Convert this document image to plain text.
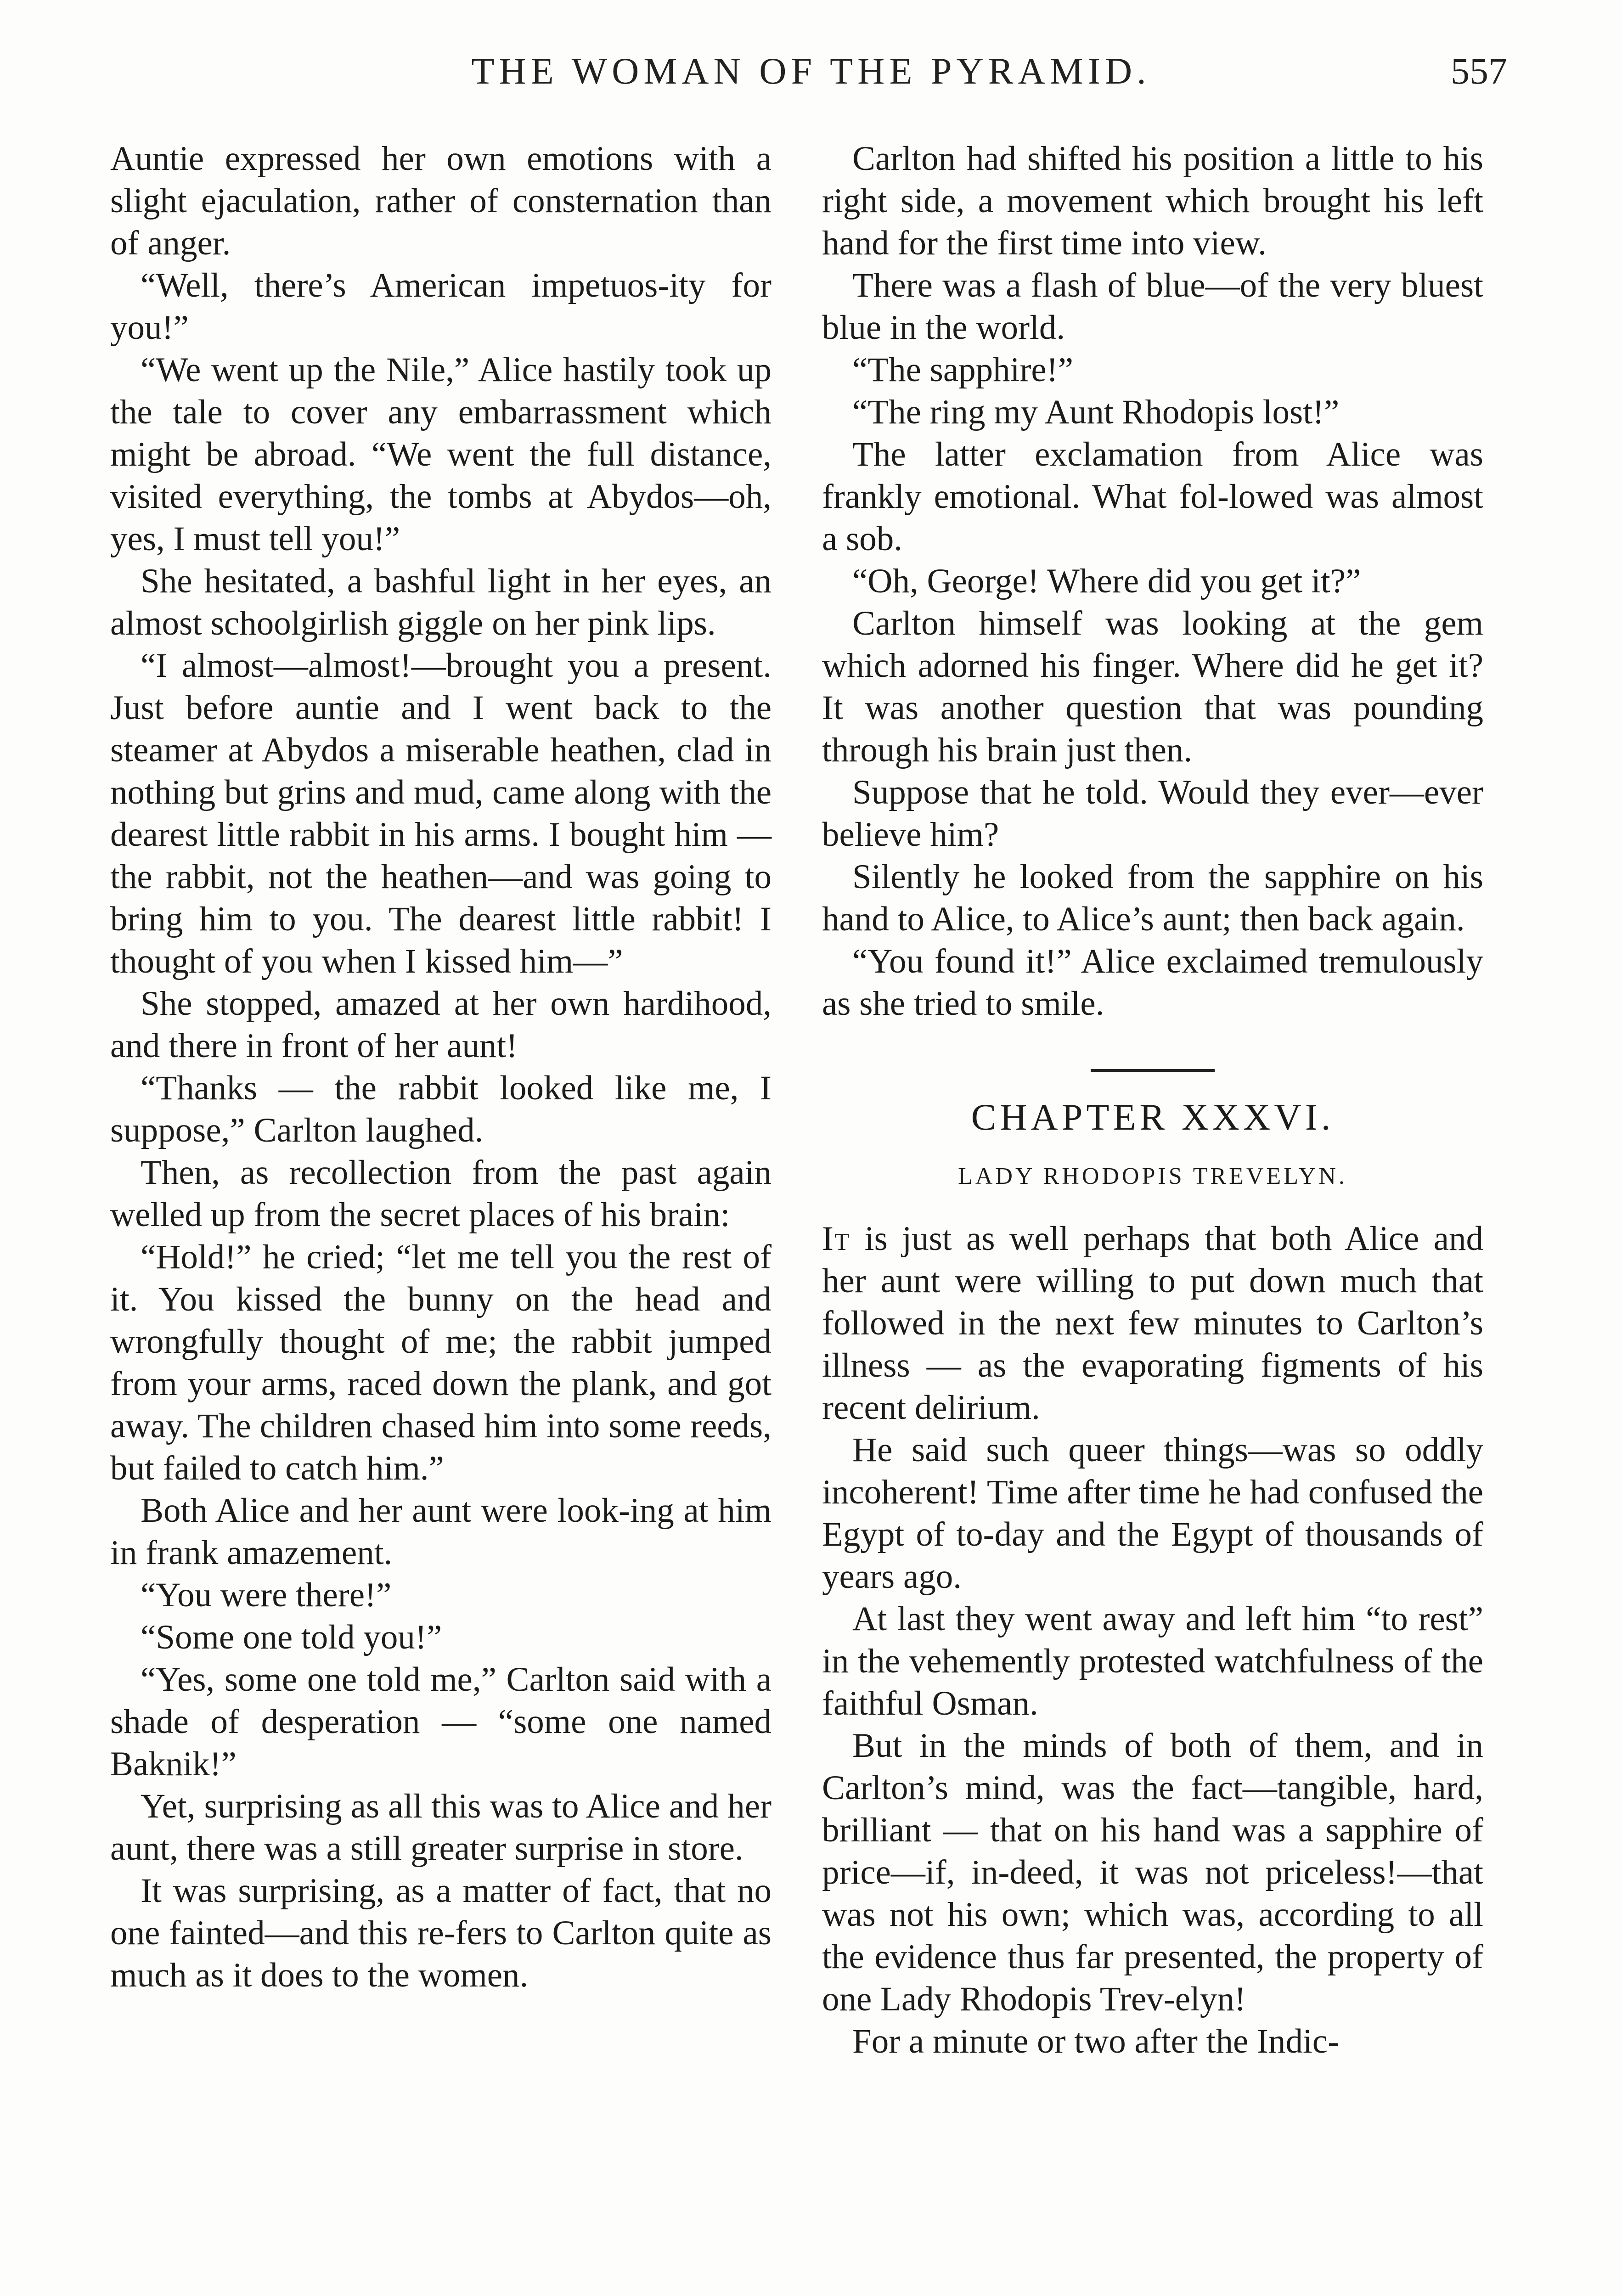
THE WOMAN OF THE PYRAMID.	557

Auntie expressed her own emotions with a slight ejaculation, rather of consternation than of anger.

“Well, there’s American impetuos-ity for you!”

“We went up the Nile,” Alice hastily took up the tale to cover any embarrassment which might be abroad. “We went the full distance, visited everything, the tombs at Abydos—oh, yes, I must tell you!”

She hesitated, a bashful light in her eyes, an almost schoolgirlish giggle on her pink lips.

“I almost—almost!—brought you a present. Just before auntie and I went back to the steamer at Abydos a miserable heathen, clad in nothing but grins and mud, came along with the dearest little rabbit in his arms. I bought him — the rabbit, not the heathen—and was going to bring him to you. The dearest little rabbit! I thought of you when I kissed him—”

She stopped, amazed at her own hardihood, and there in front of her aunt!

“Thanks — the rabbit looked like me, I suppose,” Carlton laughed.

Then, as recollection from the past again welled up from the secret places of his brain:

“Hold!” he cried; “let me tell you the rest of it. You kissed the bunny on the head and wrongfully thought of me; the rabbit jumped from your arms, raced down the plank, and got away. The children chased him into some reeds, but failed to catch him.”

Both Alice and her aunt were look-ing at him in frank amazement.

“You were there!”

“Some one told you!”

“Yes, some one told me,” Carlton said with a shade of desperation — “some one named Baknik!”

Yet, surprising as all this was to Alice and her aunt, there was a still greater surprise in store.

It was surprising, as a matter of fact, that no one fainted—and this re-fers to Carlton quite as much as it does to the women.

Carlton had shifted his position a little to his right side, a movement which brought his left hand for the first time into view.

There was a flash of blue—of the very bluest blue in the world.

“The sapphire!”

“The ring my Aunt Rhodopis lost!”

The latter exclamation from Alice was frankly emotional. What fol-lowed was almost a sob.

“Oh, George! Where did you get it?”

Carlton himself was looking at the gem which adorned his finger. Where did he get it? It was another question that was pounding through his brain just then.

Suppose that he told. Would they ever—ever believe him?

Silently he looked from the sapphire on his hand to Alice, to Alice’s aunt; then back again.

“You found it!” Alice exclaimed tremulously as she tried to smile.

CHAPTER XXXVI.
LADY RHODOPIS TREVELYN.

It is just as well perhaps that both Alice and her aunt were willing to put down much that followed in the next few minutes to Carlton’s illness — as the evaporating figments of his recent delirium.

He said such queer things—was so oddly incoherent! Time after time he had confused the Egypt of to-day and the Egypt of thousands of years ago.

At last they went away and left him “to rest” in the vehemently protested watchfulness of the faithful Osman.

But in the minds of both of them, and in Carlton’s mind, was the fact—tangible, hard, brilliant — that on his hand was a sapphire of price—if, in-deed, it was not priceless!—that was not his own; which was, according to all the evidence thus far presented, the property of one Lady Rhodopis Trev-elyn!

For a minute or two after the Indic-
